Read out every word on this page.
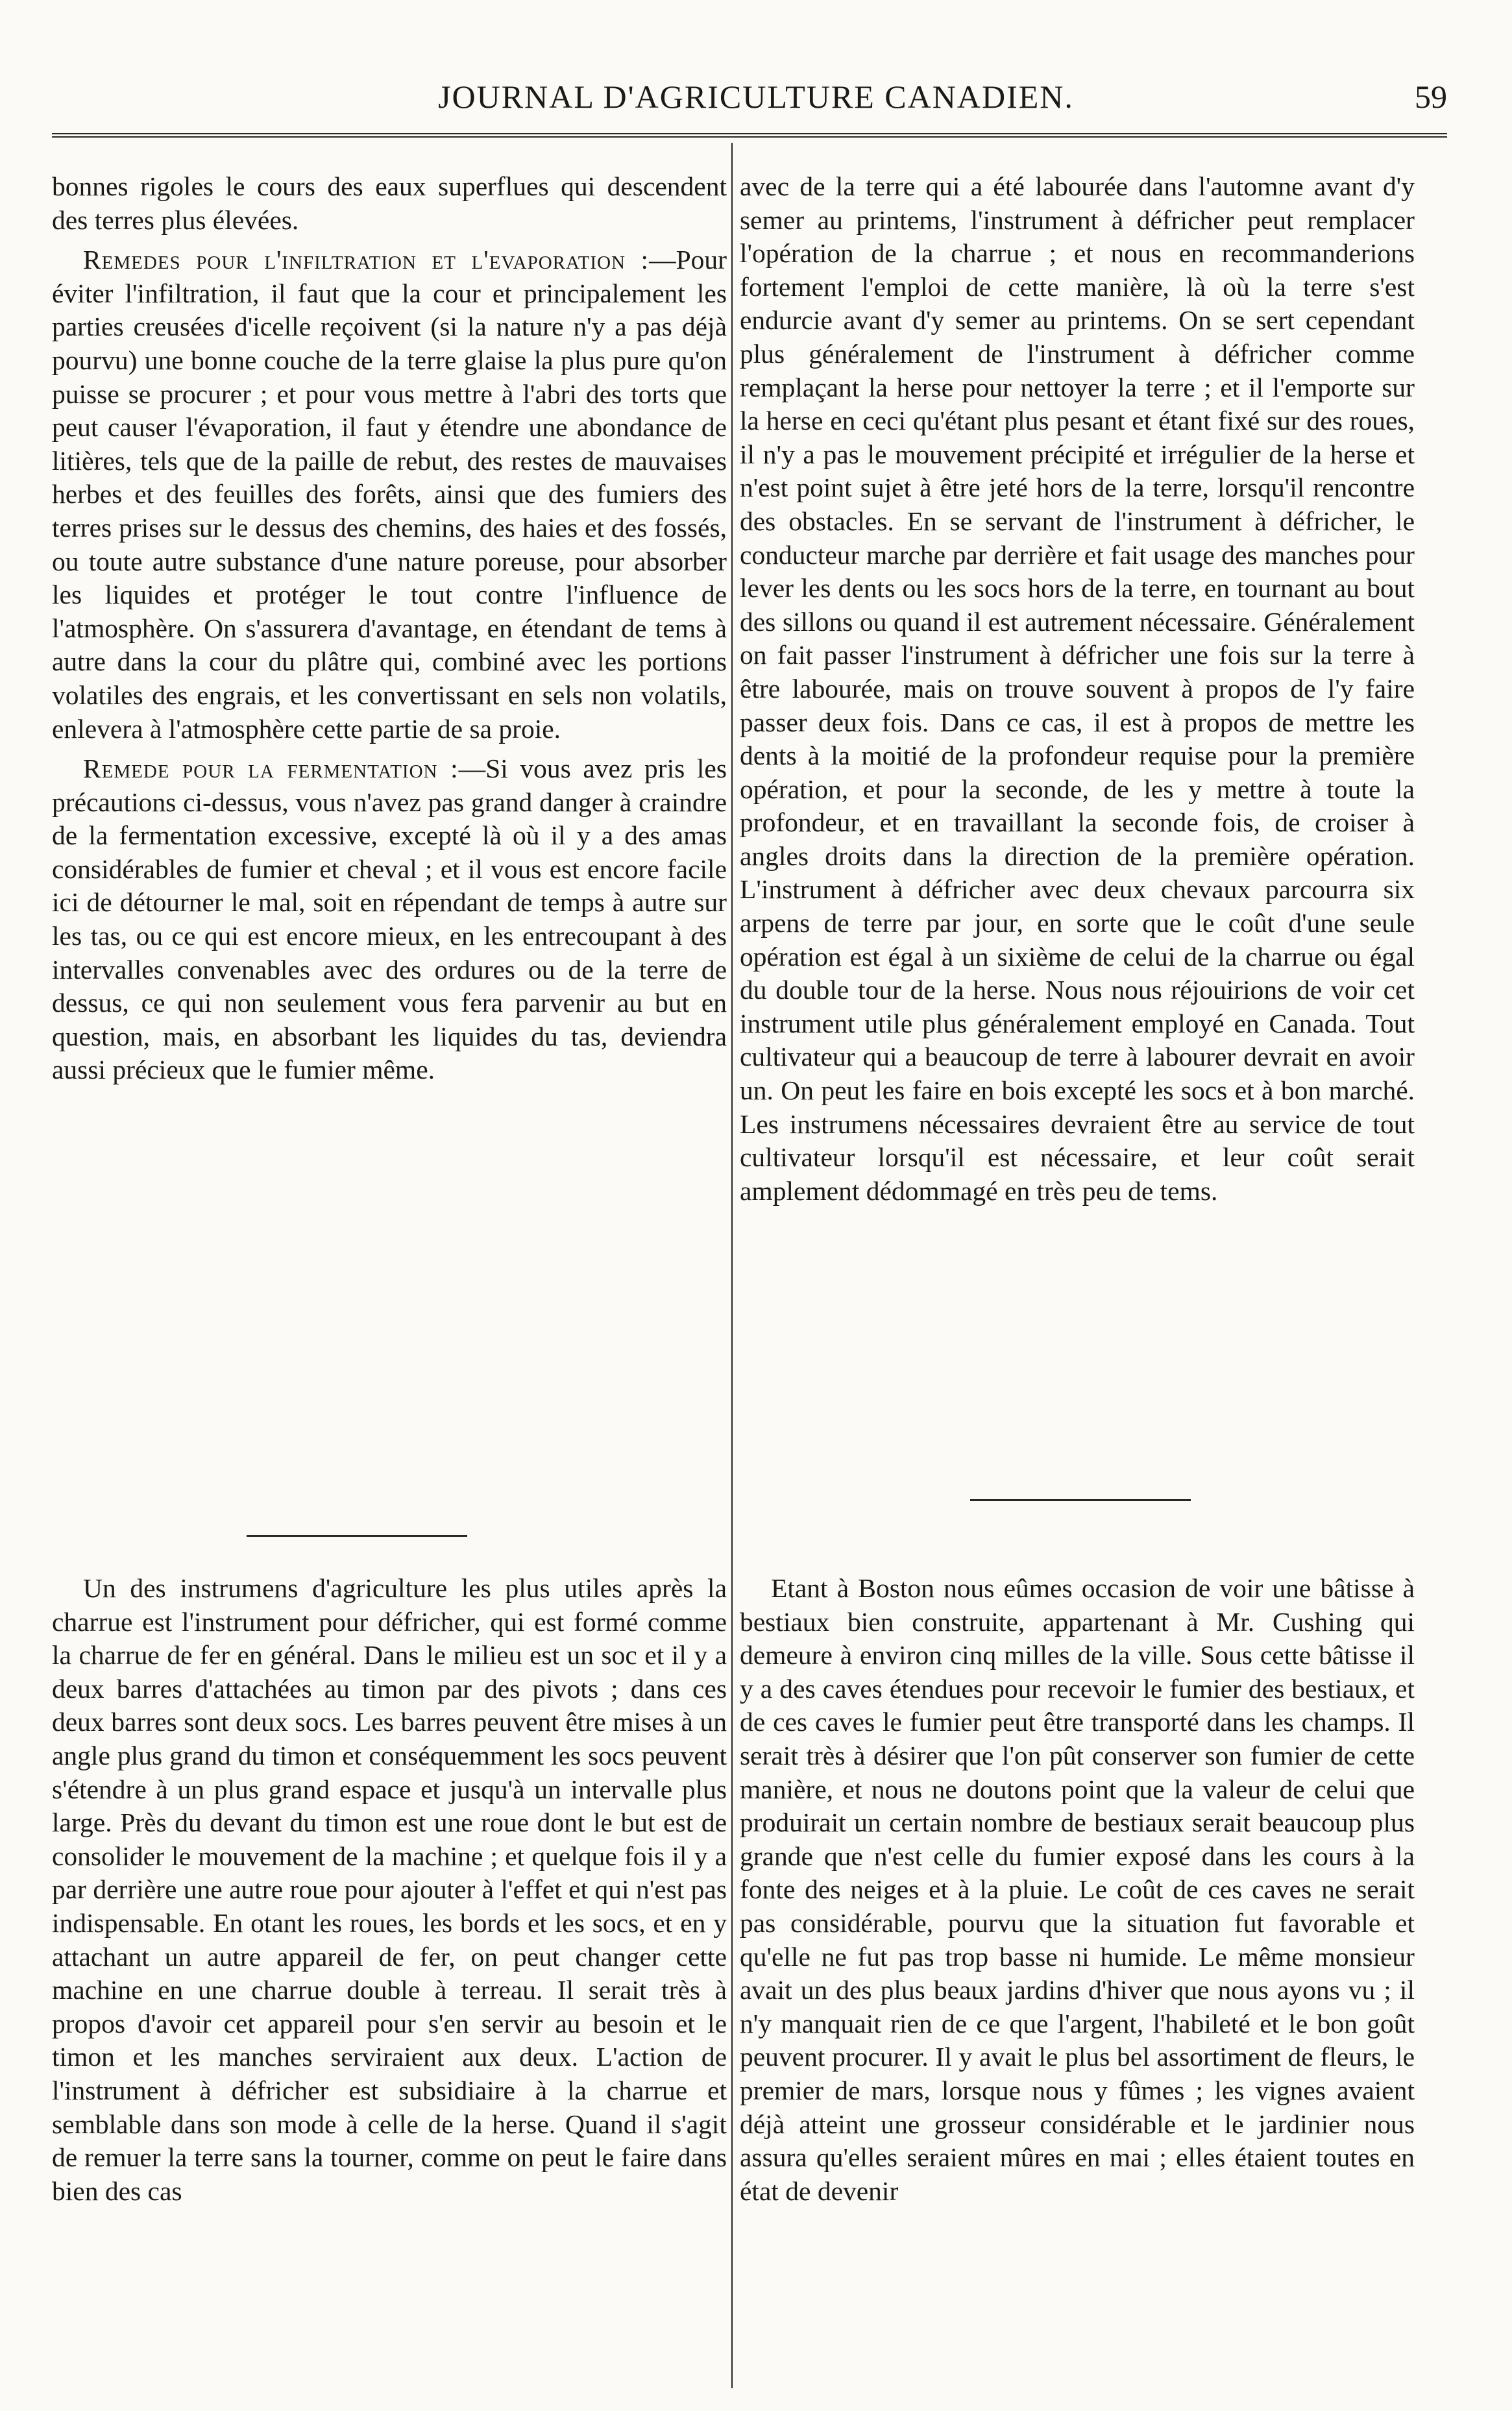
JOURNAL D'AGRICULTURE CANADIEN.	59

bonnes rigoles le cours des eaux superflues qui descendent des terres plus élevées.

Remedes pour l'infiltration et l'evaporation :—Pour éviter l'infiltration, il faut que la cour et principalement les parties creusées d'icelle reçoivent (si la nature n'y a pas déjà pourvu) une bonne couche de la terre glaise la plus pure qu'on puisse se procurer ; et pour vous mettre à l'abri des torts que peut causer l'évaporation, il faut y étendre une abondance de litières, tels que de la paille de rebut, des restes de mauvaises herbes et des feuilles des forêts, ainsi que des fumiers des terres prises sur le dessus des chemins, des haies et des fossés, ou toute autre substance d'une nature poreuse, pour absorber les liquides et protéger le tout contre l'influence de l'atmosphère. On s'assurera d'avantage, en étendant de tems à autre dans la cour du plâtre qui, combiné avec les portions volatiles des engrais, et les convertissant en sels non volatils, enlevera à l'atmosphère cette partie de sa proie.

Remede pour la fermentation :—Si vous avez pris les précautions ci-dessus, vous n'avez pas grand danger à craindre de la fermentation excessive, excepté là où il y a des amas considérables de fumier et cheval ; et il vous est encore facile ici de détourner le mal, soit en répendant de temps à autre sur les tas, ou ce qui est encore mieux, en les entrecoupant à des intervalles convenables avec des ordures ou de la terre de dessus, ce qui non seulement vous fera parvenir au but en question, mais, en absorbant les liquides du tas, deviendra aussi précieux que le fumier même.

Un des instrumens d'agriculture les plus utiles après la charrue est l'instrument pour défricher, qui est formé comme la charrue de fer en général. Dans le milieu est un soc et il y a deux barres d'attachées au timon par des pivots ; dans ces deux barres sont deux socs. Les barres peuvent être mises à un angle plus grand du timon et conséquemment les socs peuvent s'étendre à un plus grand espace et jusqu'à un intervalle plus large. Près du devant du timon est une roue dont le but est de consolider le mouvement de la machine ; et quelque fois il y a par derrière une autre roue pour ajouter à l'effet et qui n'est pas indispensable. En otant les roues, les bords et les socs, et en y attachant un autre appareil de fer, on peut changer cette machine en une charrue double à terreau. Il serait très à propos d'avoir cet appareil pour s'en servir au besoin et le timon et les manches serviraient aux deux. L'action de l'instrument à défricher est subsidiaire à la charrue et semblable dans son mode à celle de la herse. Quand il s'agit de remuer la terre sans la tourner, comme on peut le faire dans bien des cas

avec de la terre qui a été labourée dans l'automne avant d'y semer au printems, l'instrument à défricher peut remplacer l'opération de la charrue ; et nous en recommanderions fortement l'emploi de cette manière, là où la terre s'est endurcie avant d'y semer au printems. On se sert cependant plus généralement de l'instrument à défricher comme remplaçant la herse pour nettoyer la terre ; et il l'emporte sur la herse en ceci qu'étant plus pesant et étant fixé sur des roues, il n'y a pas le mouvement précipité et irrégulier de la herse et n'est point sujet à être jeté hors de la terre, lorsqu'il rencontre des obstacles. En se servant de l'instrument à défricher, le conducteur marche par derrière et fait usage des manches pour lever les dents ou les socs hors de la terre, en tournant au bout des sillons ou quand il est autrement nécessaire. Généralement on fait passer l'instrument à défricher une fois sur la terre à être labourée, mais on trouve souvent à propos de l'y faire passer deux fois. Dans ce cas, il est à propos de mettre les dents à la moitié de la profondeur requise pour la première opération, et pour la seconde, de les y mettre à toute la profondeur, et en travaillant la seconde fois, de croiser à angles droits dans la direction de la première opération. L'instrument à défricher avec deux chevaux parcourra six arpens de terre par jour, en sorte que le coût d'une seule opération est égal à un sixième de celui de la charrue ou égal du double tour de la herse. Nous nous réjouirions de voir cet instrument utile plus généralement employé en Canada. Tout cultivateur qui a beaucoup de terre à labourer devrait en avoir un. On peut les faire en bois excepté les socs et à bon marché. Les instrumens nécessaires devraient être au service de tout cultivateur lorsqu'il est nécessaire, et leur coût serait amplement dédommagé en très peu de tems.

Etant à Boston nous eûmes occasion de voir une bâtisse à bestiaux bien construite, appartenant à Mr. Cushing qui demeure à environ cinq milles de la ville. Sous cette bâtisse il y a des caves étendues pour recevoir le fumier des bestiaux, et de ces caves le fumier peut être transporté dans les champs. Il serait très à désirer que l'on pût conserver son fumier de cette manière, et nous ne doutons point que la valeur de celui que produirait un certain nombre de bestiaux serait beaucoup plus grande que n'est celle du fumier exposé dans les cours à la fonte des neiges et à la pluie. Le coût de ces caves ne serait pas considérable, pourvu que la situation fut favorable et qu'elle ne fut pas trop basse ni humide. Le même monsieur avait un des plus beaux jardins d'hiver que nous ayons vu ; il n'y manquait rien de ce que l'argent, l'habileté et le bon goût peuvent procurer. Il y avait le plus bel assortiment de fleurs, le premier de mars, lorsque nous y fûmes ; les vignes avaient déjà atteint une grosseur considérable et le jardinier nous assura qu'elles seraient mûres en mai ; elles étaient toutes en état de devenir
